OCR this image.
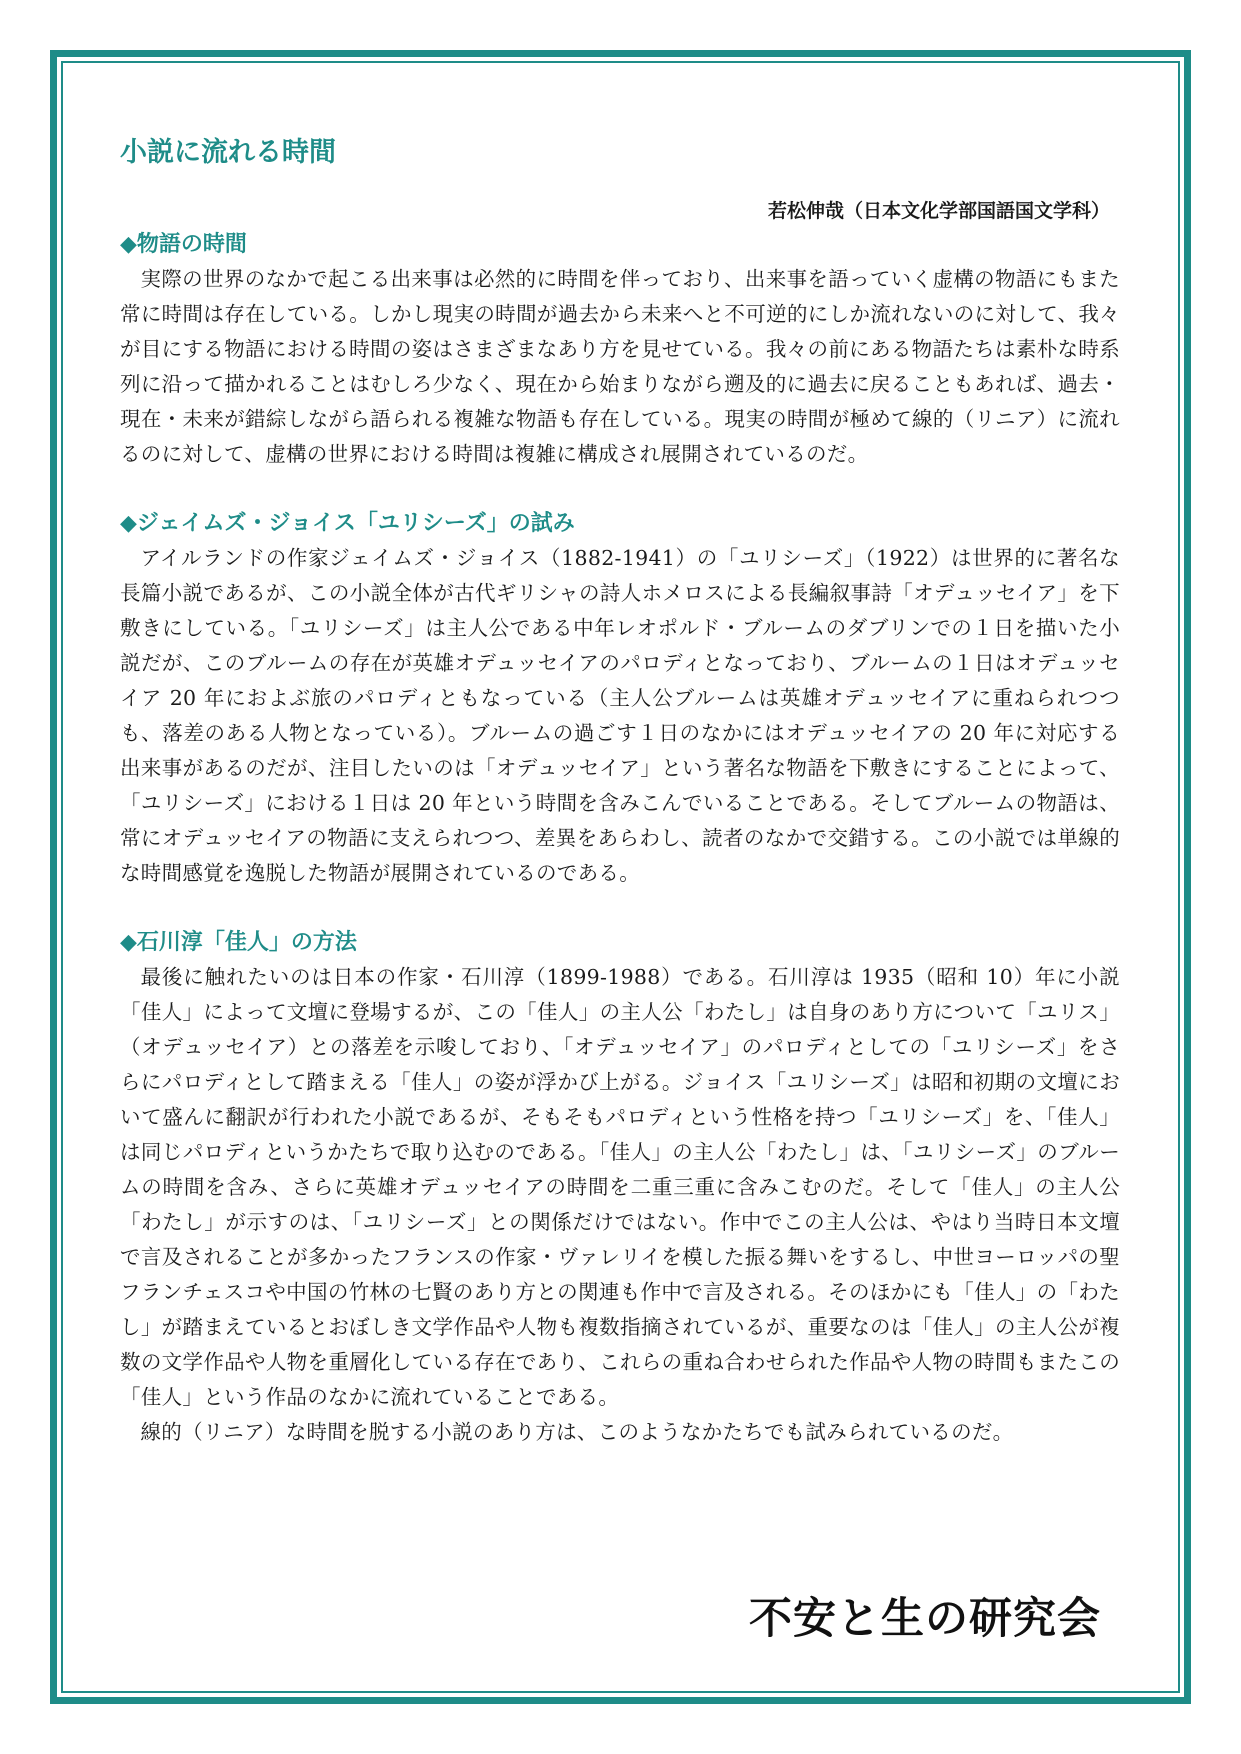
小説に流れる時間
若松伸哉（日本文化学部国語国文学科）
◆物語の時間

実際の世界のなかで起こる出来事は必然的に時間を伴っており、出来事を語っていく虚構の物語にもまた常に時間は存在している。しかし現実の時間が過去から未来へと不可逆的にしか流れないのに対して、我々が目にする物語における時間の姿はさまざまなあり方を見せている。我々の前にある物語たちは素朴な時系列に沿って描かれることはむしろ少なく、現在から始まりながら遡及的に過去に戻ることもあれば、過去・現在・未来が錯綜しながら語られる複雑な物語も存在している。現実の時間が極めて線的（リニア）に流れるのに対して、虚構の世界における時間は複雑に構成され展開されているのだ。

◆ジェイムズ・ジョイス「ユリシーズ」の試み

アイルランドの作家ジェイムズ・ジョイス（1882-1941）の「ユリシーズ」（1922）は世界的に著名な長篇小説であるが、この小説全体が古代ギリシャの詩人ホメロスによる長編叙事詩「オデュッセイア」を下敷きにしている。「ユリシーズ」は主人公である中年レオポルド・ブルームのダブリンでの１日を描いた小説だが、このブルームの存在が英雄オデュッセイアのパロディとなっており、ブルームの１日はオデュッセイア 20 年におよぶ旅のパロディともなっている（主人公ブルームは英雄オデュッセイアに重ねられつつも、落差のある人物となっている）。ブルームの過ごす１日のなかにはオデュッセイアの 20 年に対応する出来事があるのだが、注目したいのは「オデュッセイア」という著名な物語を下敷きにすることによって、「ユリシーズ」における１日は 20 年という時間を含みこんでいることである。そしてブルームの物語は、常にオデュッセイアの物語に支えられつつ、差異をあらわし、読者のなかで交錯する。この小説では単線的な時間感覚を逸脱した物語が展開されているのである。

◆石川淳「佳人」の方法

最後に触れたいのは日本の作家・石川淳（1899-1988）である。石川淳は 1935（昭和 10）年に小説「佳人」によって文壇に登場するが、この「佳人」の主人公「わたし」は自身のあり方について「ユリス」（オデュッセイア）との落差を示唆しており、「オデュッセイア」のパロディとしての「ユリシーズ」をさらにパロディとして踏まえる「佳人」の姿が浮かび上がる。ジョイス「ユリシーズ」は昭和初期の文壇において盛んに翻訳が行われた小説であるが、そもそもパロディという性格を持つ「ユリシーズ」を、「佳人」は同じパロディというかたちで取り込むのである。「佳人」の主人公「わたし」は、「ユリシーズ」のブルームの時間を含み、さらに英雄オデュッセイアの時間を二重三重に含みこむのだ。そして「佳人」の主人公「わたし」が示すのは、「ユリシーズ」との関係だけではない。作中でこの主人公は、やはり当時日本文壇で言及されることが多かったフランスの作家・ヴァレリイを模した振る舞いをするし、中世ヨーロッパの聖フランチェスコや中国の竹林の七賢のあり方との関連も作中で言及される。そのほかにも「佳人」の「わたし」が踏まえているとおぼしき文学作品や人物も複数指摘されているが、重要なのは「佳人」の主人公が複数の文学作品や人物を重層化している存在であり、これらの重ね合わせられた作品や人物の時間もまたこの「佳人」という作品のなかに流れていることである。

線的（リニア）な時間を脱する小説のあり方は、このようなかたちでも試みられているのだ。

不安と生の研究会
